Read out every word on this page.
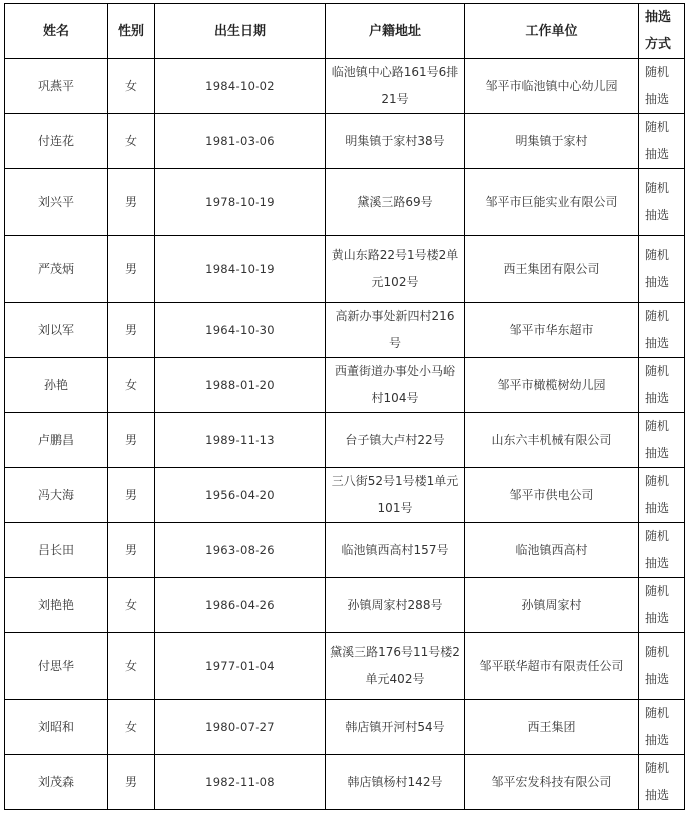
姓名	性别	出生日期	户籍地址	工作单位	抽选方式
巩燕平	女	1984-10-02	临池镇中心路161号6排21号	邹平市临池镇中心幼儿园	随机抽选
付连花	女	1981-03-06	明集镇于家村38号	明集镇于家村	随机抽选
刘兴平	男	1978-10-19	黛溪三路69号	邹平市巨能实业有限公司	随机抽选
严茂炳	男	1984-10-19	黄山东路22号1号楼2单元102号	西王集团有限公司	随机抽选
刘以军	男	1964-10-30	高新办事处新四村216号	邹平市华东超市	随机抽选
孙艳	女	1988-01-20	西董街道办事处小马峪村104号	邹平市橄榄树幼儿园	随机抽选
卢鹏昌	男	1989-11-13	台子镇大卢村22号	山东六丰机械有限公司	随机抽选
冯大海	男	1956-04-20	三八街52号1号楼1单元101号	邹平市供电公司	随机抽选
吕长田	男	1963-08-26	临池镇西高村157号	临池镇西高村	随机抽选
刘艳艳	女	1986-04-26	孙镇周家村288号	孙镇周家村	随机抽选
付思华	女	1977-01-04	黛溪三路176号11号楼2单元402号	邹平联华超市有限责任公司	随机抽选
刘昭和	女	1980-07-27	韩店镇开河村54号	西王集团	随机抽选
刘茂森	男	1982-11-08	韩店镇杨村142号	邹平宏发科技有限公司	随机抽选
